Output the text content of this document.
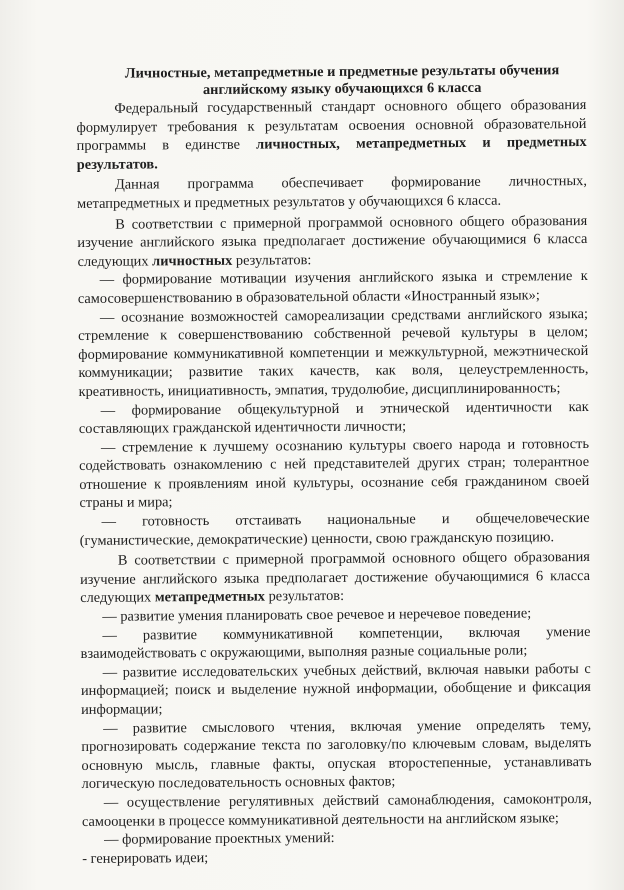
Личностные, метапредметные и предметные результаты обучения
английскому языку обучающихся 6 класса

Федеральный государственный стандарт основного общего образования формулирует требования к результатам освоения основной образовательной программы в единстве личностных, метапредметных и предметных результатов.

Данная программа обеспечивает формирование личностных, метапредметных и предметных результатов у обучающихся 6 класса.

В соответствии с примерной программой основного общего образования изучение английского языка предполагает достижение обучающимися 6 класса следующих личностных результатов:

— формирование мотивации изучения английского языка и стремление к самосовершенствованию в образовательной области «Иностранный язык»;

— осознание возможностей самореализации средствами английского языка; стремление к совершенствованию собственной речевой культуры в целом; формирование коммуникативной компетенции и межкультурной, межэтнической коммуникации; развитие таких качеств, как воля, целеустремленность, креативность, инициативность, эмпатия, трудолюбие, дисциплинированность;

— формирование общекультурной и этнической идентичности как составляющих гражданской идентичности личности;

— стремление к лучшему осознанию культуры своего народа и готовность содействовать ознакомлению с ней представителей других стран; толерантное отношение к проявлениям иной культуры, осознание себя гражданином своей страны и мира;

— готовность отстаивать национальные и общечеловеческие (гуманистические, демократические) ценности, свою гражданскую позицию.

В соответствии с примерной программой основного общего образования изучение английского языка предполагает достижение обучающимися 6 класса следующих метапредметных результатов:

— развитие умения планировать свое речевое и неречевое поведение;

— развитие коммуникативной компетенции, включая умение взаимодействовать с окружающими, выполняя разные социальные роли;

— развитие исследовательских учебных действий, включая навыки работы с информацией; поиск и выделение нужной информации, обобщение и фиксация информации;

— развитие смыслового чтения, включая умение определять тему, прогнозировать содержание текста по заголовку/по ключевым словам, выделять основную мысль, главные факты, опуская второстепенные, устанавливать логическую последовательность основных фактов;

— осуществление регулятивных действий самонаблюдения, самоконтроля, самооценки в процессе коммуникативной деятельности на английском языке;

— формирование проектных умений:

- генерировать идеи;
